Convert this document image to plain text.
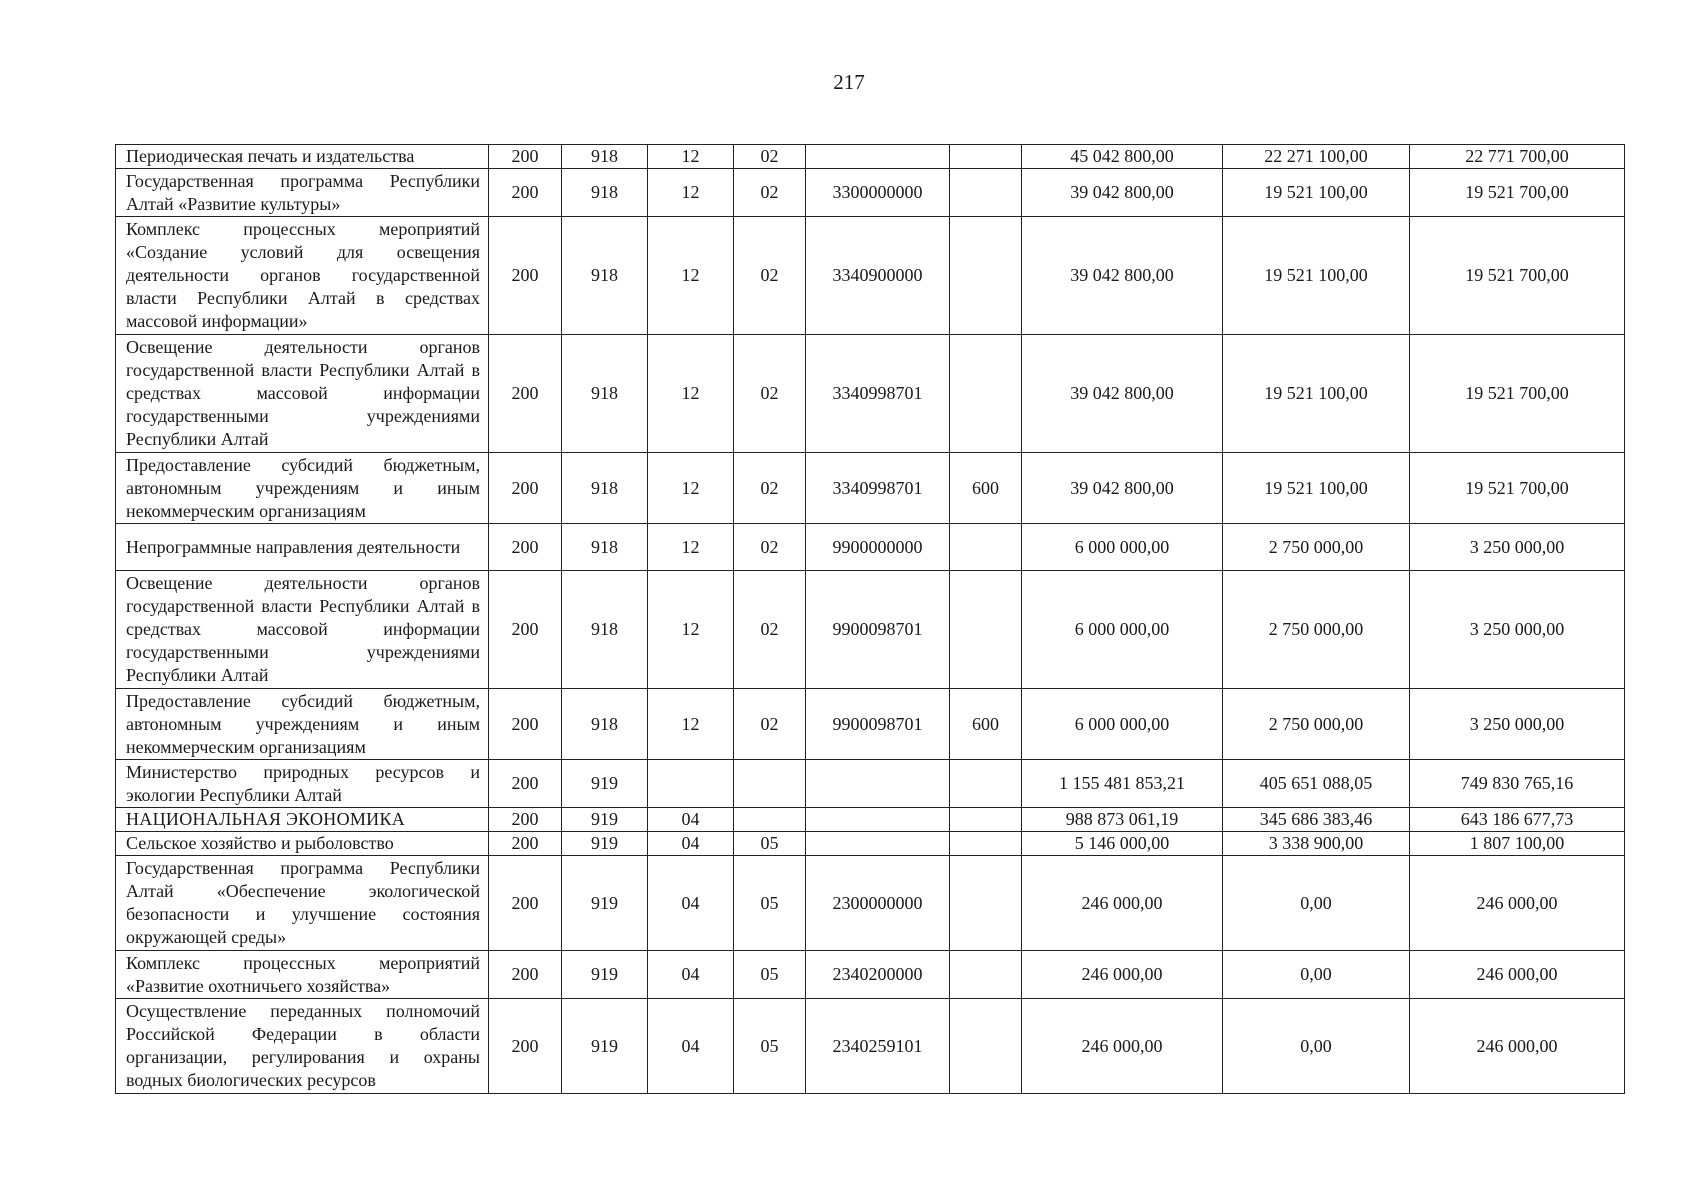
217
Периодическая печать и издательства	200	918	12	02			45 042 800,00	22 271 100,00	22 771 700,00
Государственная программа Республики Алтай «Развитие культуры»	200	918	12	02	3300000000		39 042 800,00	19 521 100,00	19 521 700,00
Комплекс процессных мероприятий «Создание условий для освещения деятельности органов государственной власти Республики Алтай в средствах массовой информации»	200	918	12	02	3340900000		39 042 800,00	19 521 100,00	19 521 700,00
Освещение деятельности органов государственной власти Республики Алтай в средствах массовой информации государственными учреждениями Республики Алтай	200	918	12	02	3340998701		39 042 800,00	19 521 100,00	19 521 700,00
Предоставление субсидий бюджетным, автономным учреждениям и иным некоммерческим организациям	200	918	12	02	3340998701	600	39 042 800,00	19 521 100,00	19 521 700,00
Непрограммные направления деятельности	200	918	12	02	9900000000		6 000 000,00	2 750 000,00	3 250 000,00
Освещение деятельности органов государственной власти Республики Алтай в средствах массовой информации государственными учреждениями Республики Алтай	200	918	12	02	9900098701		6 000 000,00	2 750 000,00	3 250 000,00
Предоставление субсидий бюджетным, автономным учреждениям и иным некоммерческим организациям	200	918	12	02	9900098701	600	6 000 000,00	2 750 000,00	3 250 000,00
Министерство природных ресурсов и экологии Республики Алтай	200	919					1 155 481 853,21	405 651 088,05	749 830 765,16
НАЦИОНАЛЬНАЯ ЭКОНОМИКА	200	919	04				988 873 061,19	345 686 383,46	643 186 677,73
Сельское хозяйство и рыболовство	200	919	04	05			5 146 000,00	3 338 900,00	1 807 100,00
Государственная программа Республики Алтай «Обеспечение экологической безопасности и улучшение состояния окружающей среды»	200	919	04	05	2300000000		246 000,00	0,00	246 000,00
Комплекс процессных мероприятий «Развитие охотничьего хозяйства»	200	919	04	05	2340200000		246 000,00	0,00	246 000,00
Осуществление переданных полномочий Российской Федерации в области организации, регулирования и охраны водных биологических ресурсов	200	919	04	05	2340259101		246 000,00	0,00	246 000,00
